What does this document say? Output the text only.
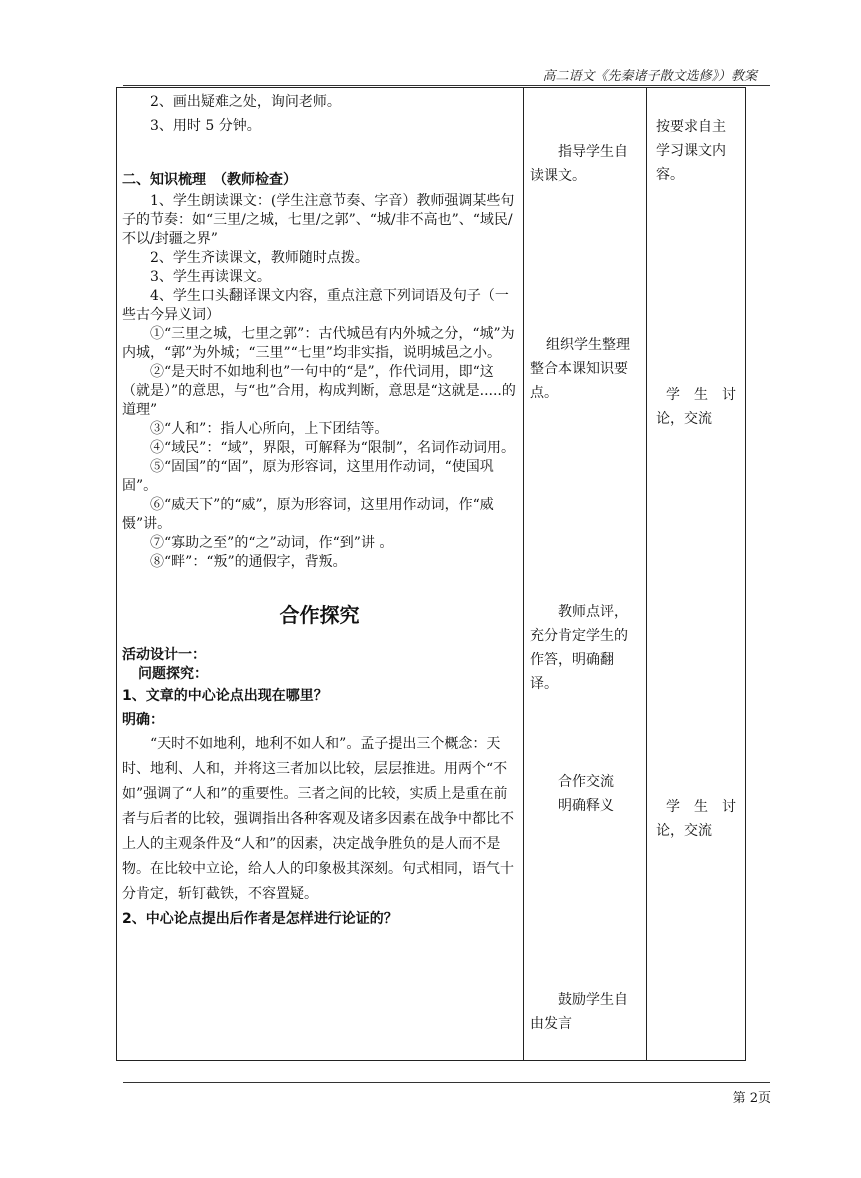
高二语文《先秦诸子散文选修》）教案

2、画出疑难之处，询问老师。

3、用时 5 分钟。

二、知识梳理　（教师检查）

1、学生朗读课文：(学生注意节奏、字音）教师强调某些句子的节奏：如“三里/之城，七里/之郭”、“城/非不高也”、“域民/不以/封疆之界”

2、学生齐读课文，教师随时点拨。

3、学生再读课文。

4、学生口头翻译课文内容，重点注意下列词语及句子（一些古今异义词）

①“三里之城，七里之郭”：古代城邑有内外城之分，“城”为内城，“郭”为外城；“三里”“七里”均非实指，说明城邑之小。

②“是天时不如地利也”一句中的“是”，作代词用，即“这（就是）”的意思，与“也”合用，构成判断，意思是“这就是.....的道理”

③“人和”：指人心所向，上下团结等。

④“域民”：“域”，界限，可解释为“限制”，名词作动词用。

⑤“固国”的“固”，原为形容词，这里用作动词，“使国巩固”。

⑥“威天下”的“威”，原为形容词，这里用作动词，作“威慑”讲。

⑦“寡助之至”的“之”动词，作“到”讲 。

⑧“畔”：“叛”的通假字，背叛。

合作探究

活动设计一：

问题探究：

1、文章的中心论点出现在哪里？

明确：

“天时不如地利，地利不如人和”。孟子提出三个概念：天时、地利、人和，并将这三者加以比较，层层推进。用两个“不如”强调了“人和”的重要性。三者之间的比较，实质上是重在前者与后者的比较，强调指出各种客观及诸多因素在战争中都比不上人的主观条件及“人和”的因素，决定战争胜负的是人而不是物。在比较中立论，给人人的印象极其深刻。句式相同，语气十分肯定，斩钉截铁，不容置疑。

2、中心论点提出后作者是怎样进行论证的？

指导学生自读课文。
组织学生整理整合本课知识要点。
教师点评，充分肯定学生的作答，明确翻译。
合作交流
明确释义
鼓励学生自由发言
按要求自主学习课文内容。
学　生　讨论，交流
学　生　讨论，交流
第 2页
